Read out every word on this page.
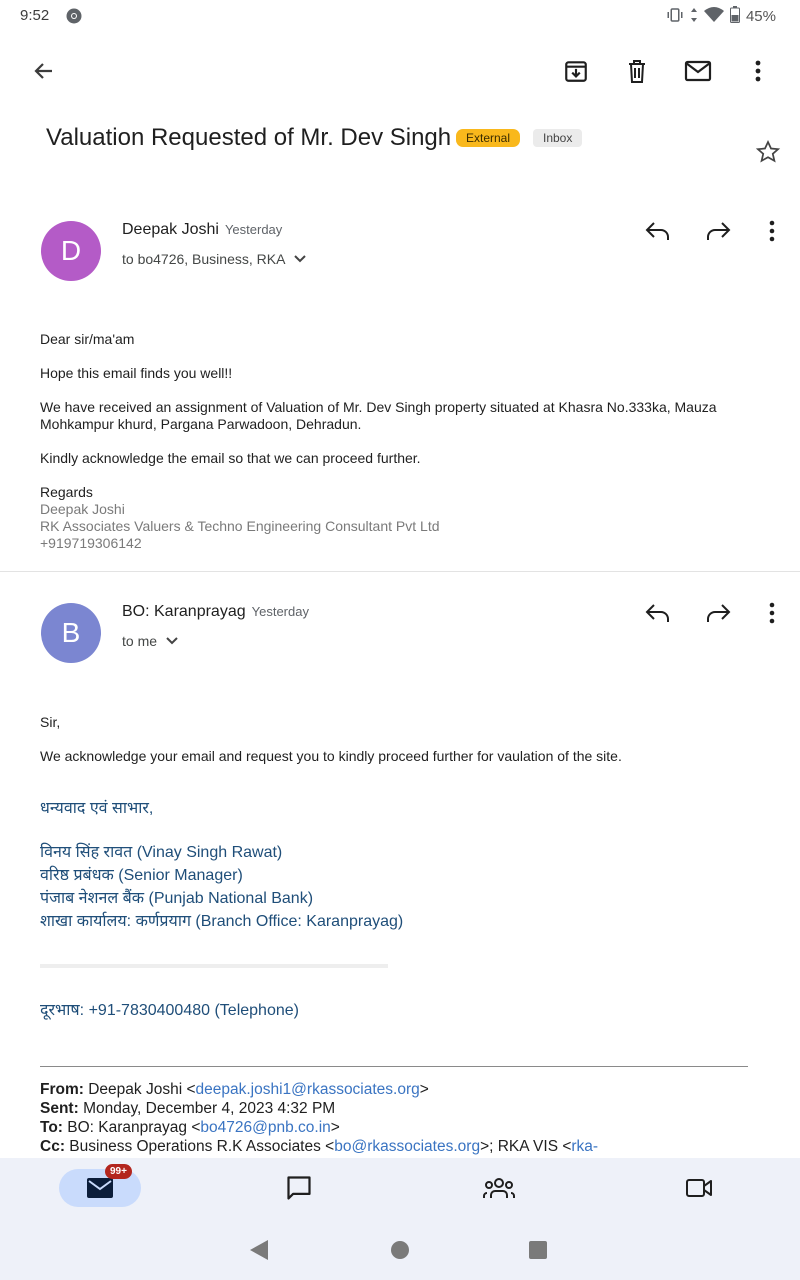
9:52	45%
Valuation Requested of Mr. Dev Singh	External	Inbox
D
Deepak Joshi Yesterday
to bo4726, Business, RKA

Dear sir/ma'am

Hope this email finds you well!!

We have received an assignment of Valuation of Mr. Dev Singh property situated at Khasra No.333ka, Mauza Mohkampur khurd, Pargana Parwadoon, Dehradun.

Kindly acknowledge the email so that we can proceed further.

Regards
Deepak Joshi
RK Associates Valuers & Techno Engineering Consultant Pvt Ltd
+919719306142
B
BO: Karanprayag Yesterday
to me

Sir,

We acknowledge your email and request you to kindly proceed further for vaulation of the site.

धन्यवाद एवं साभार,
विनय सिंह रावत (Vinay Singh Rawat)
वरिष्ठ प्रबंधक (Senior Manager)
पंजाब नेशनल बैंक (Punjab National Bank)
शाखा कार्यालय: कर्णप्रयाग (Branch Office: Karanprayag)
दूरभाष: +91-7830400480 (Telephone)
From: Deepak Joshi <deepak.joshi1@rkassociates.org>
Sent: Monday, December 4, 2023 4:32 PM
To: BO: Karanprayag <bo4726@pnb.co.in>
Cc: Business Operations R.K Associates <bo@rkassociates.org>; RKA VIS <rka-
99+
